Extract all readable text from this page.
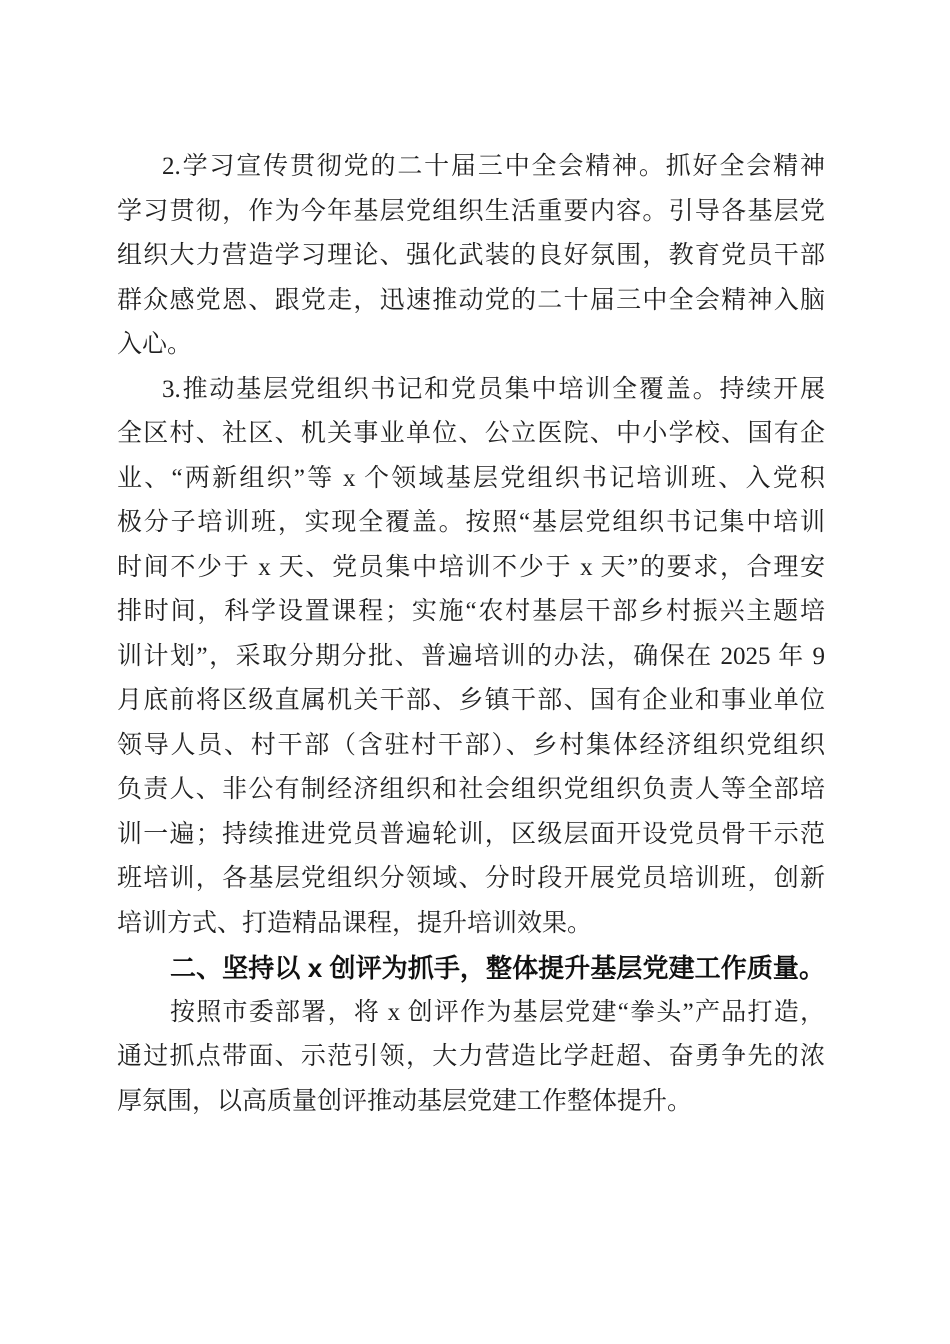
2.学习宣传贯彻党的二十届三中全会精神。抓好全会精神
学习贯彻，作为今年基层党组织生活重要内容。引导各基层党
组织大力营造学习理论、强化武装的良好氛围，教育党员干部
群众感党恩、跟党走，迅速推动党的二十届三中全会精神入脑
入心。
3.推动基层党组织书记和党员集中培训全覆盖。持续开展
全区村、社区、机关事业单位、公立医院、中小学校、国有企
业、“两新组织”等 x 个领域基层党组织书记培训班、入党积
极分子培训班，实现全覆盖。按照“基层党组织书记集中培训
时间不少于 x 天、党员集中培训不少于 x 天”的要求，合理安
排时间，科学设置课程；实施“农村基层干部乡村振兴主题培
训计划”，采取分期分批、普遍培训的办法，确保在 2025 年 9
月底前将区级直属机关干部、乡镇干部、国有企业和事业单位
领导人员、村干部（含驻村干部）、乡村集体经济组织党组织
负责人、非公有制经济组织和社会组织党组织负责人等全部培
训一遍；持续推进党员普遍轮训，区级层面开设党员骨干示范
班培训，各基层党组织分领域、分时段开展党员培训班，创新
培训方式、打造精品课程，提升培训效果。
二、坚持以 x 创评为抓手，整体提升基层党建工作质量。
按照市委部署，将 x 创评作为基层党建“拳头”产品打造，
通过抓点带面、示范引领，大力营造比学赶超、奋勇争先的浓
厚氛围，以高质量创评推动基层党建工作整体提升。
